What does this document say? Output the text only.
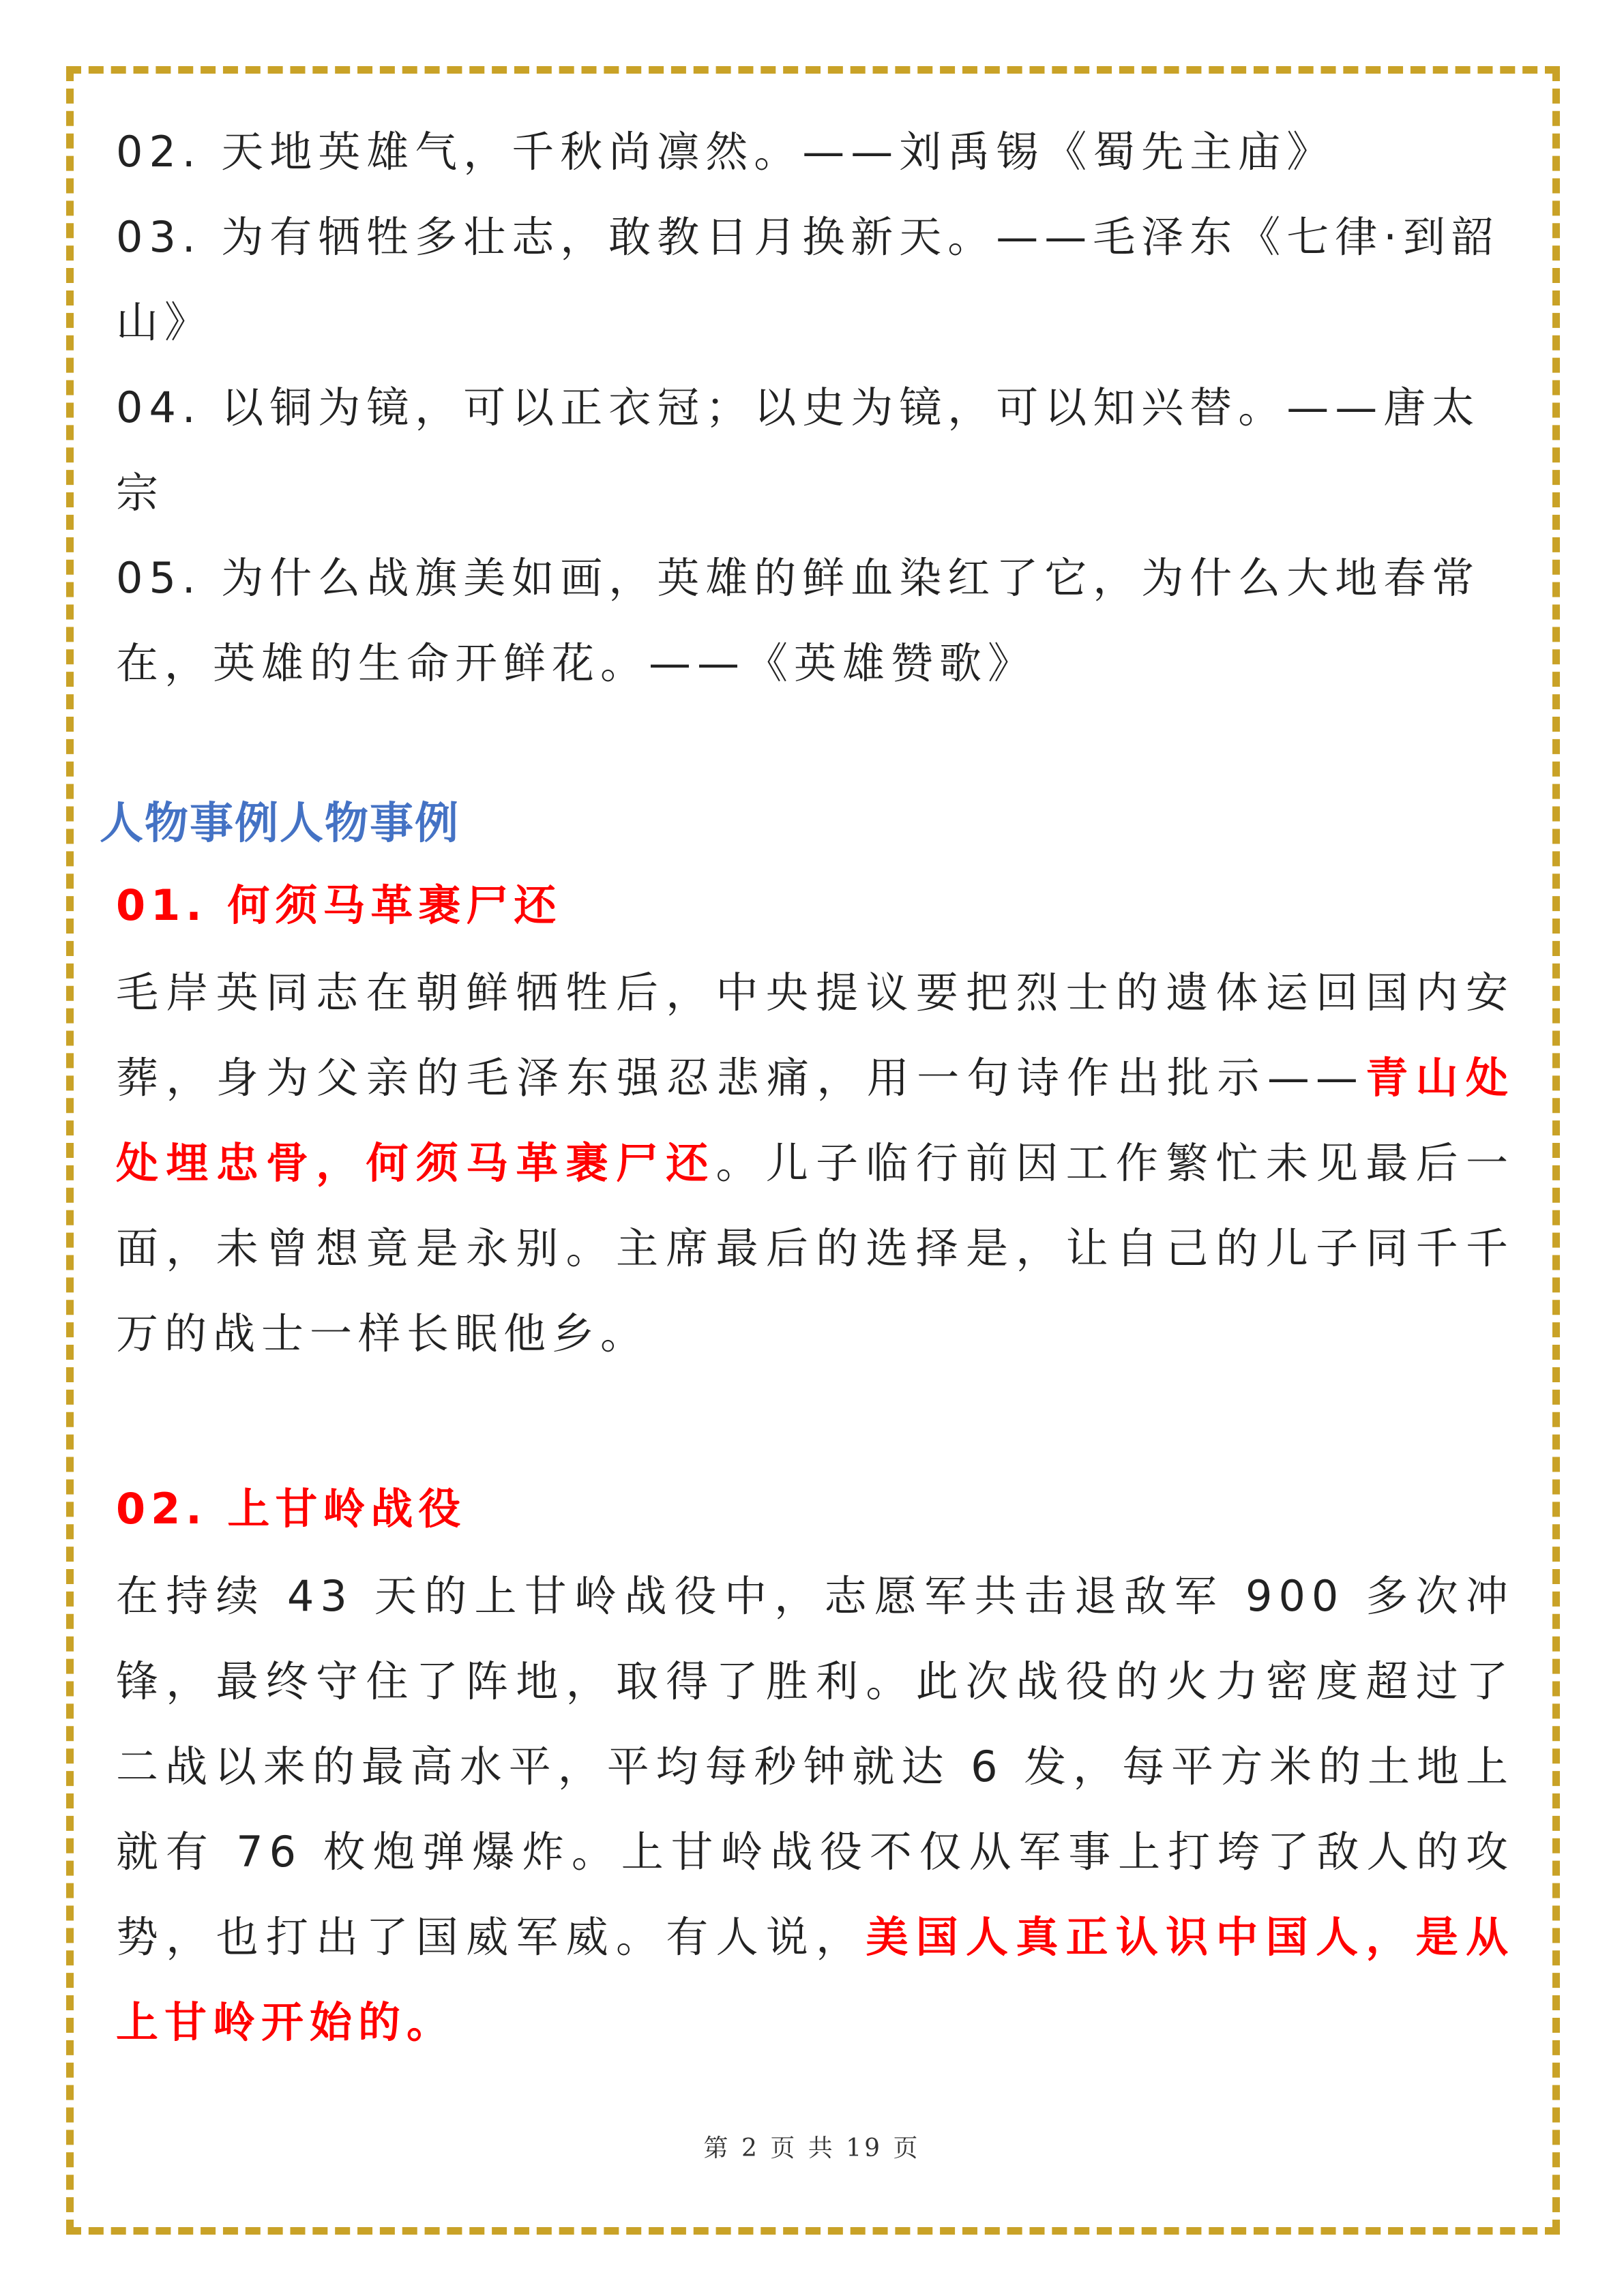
02. 天地英雄气，千秋尚凛然。——刘禹锡《蜀先主庙》

03. 为有牺牲多壮志，敢教日月换新天。——毛泽东《七律·到韶

山》

04. 以铜为镜，可以正衣冠；以史为镜，可以知兴替。——唐太宗

05. 为什么战旗美如画，英雄的鲜血染红了它，为什么大地春常

在，英雄的生命开鲜花。——《英雄赞歌》

人物事例人物事例
01. 何须马革裹尸还

毛岸英同志在朝鲜牺牲后，中央提议要把烈士的遗体运回国内安葬，身为父亲的毛泽东强忍悲痛，用一句诗作出批示——青山处处埋忠骨，何须马革裹尸还。儿子临行前因工作繁忙未见最后一面，未曾想竟是永别。主席最后的选择是，让自己的儿子同千千万的战士一样长眠他乡。

02. 上甘岭战役

在持续 43 天的上甘岭战役中，志愿军共击退敌军 900 多次冲锋，最终守住了阵地，取得了胜利。此次战役的火力密度超过了二战以来的最高水平，平均每秒钟就达 6 发，每平方米的土地上就有 76 枚炮弹爆炸。上甘岭战役不仅从军事上打垮了敌人的攻势，也打出了国威军威。有人说，美国人真正认识中国人，是从上甘岭开始的。

第 2 页 共 19 页
